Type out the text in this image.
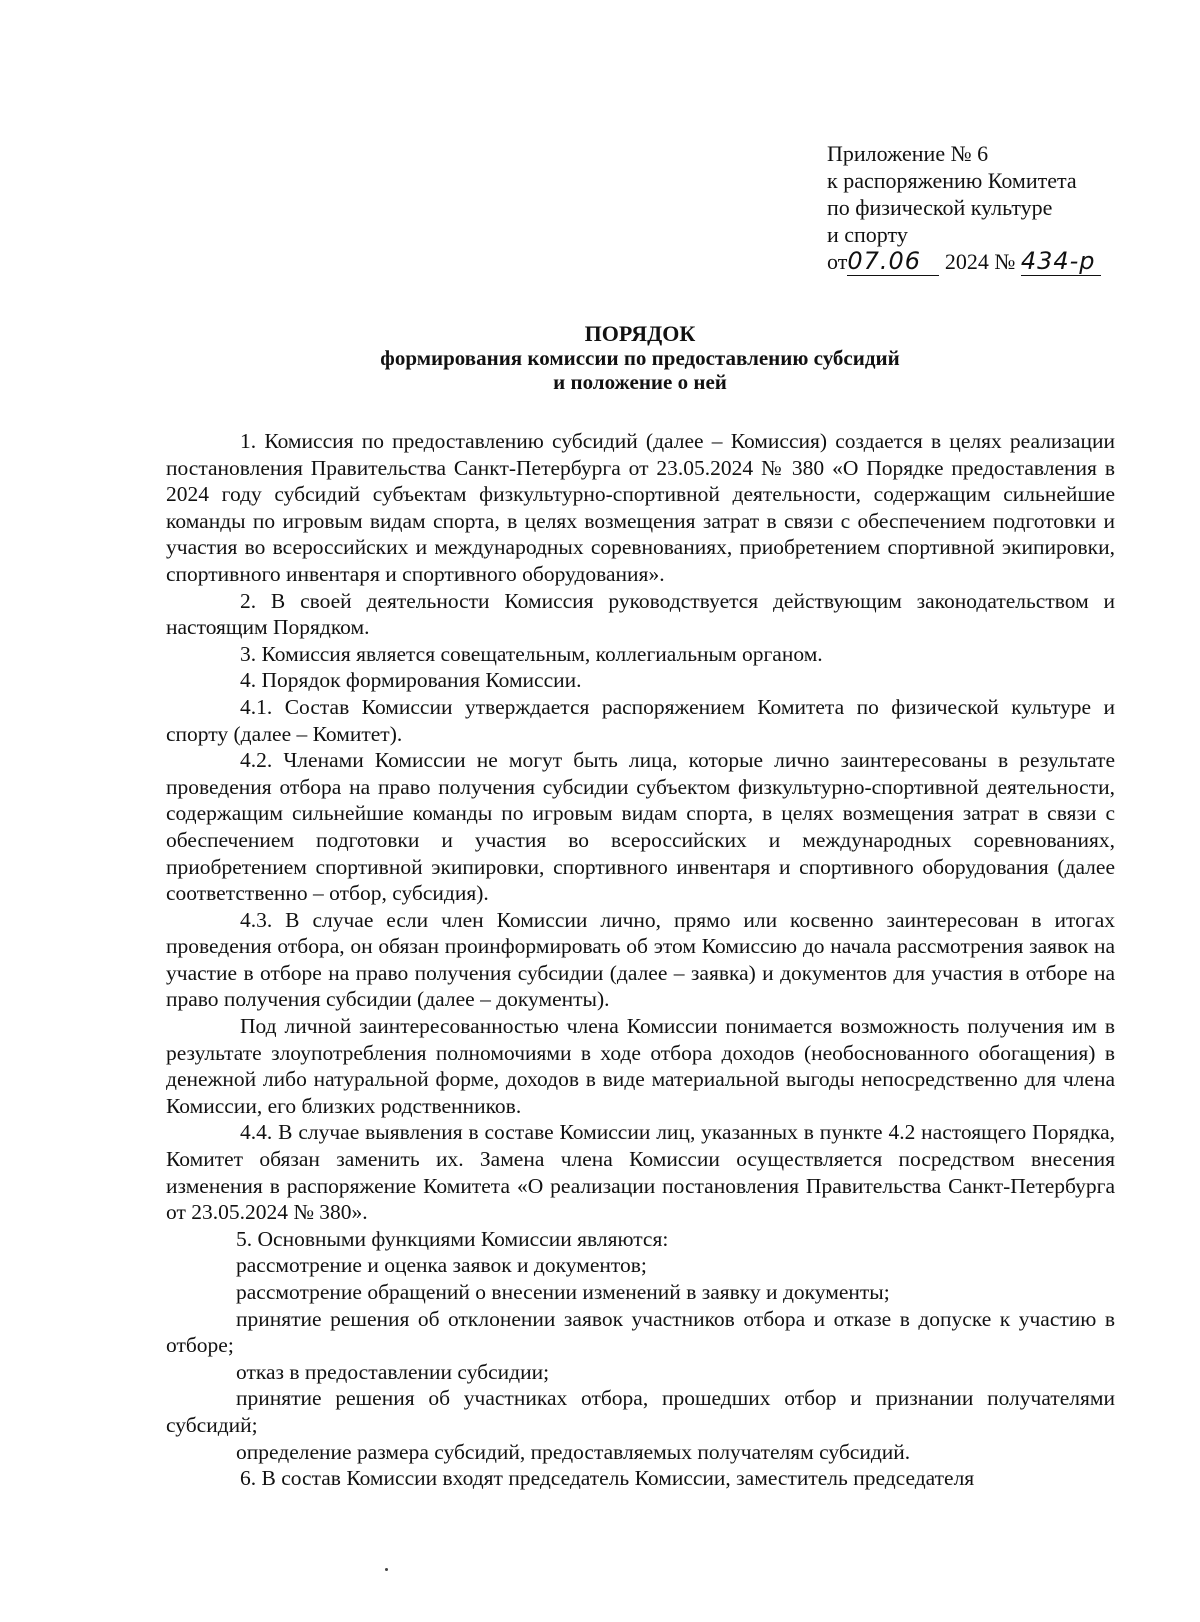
Приложение № 6
к распоряжению Комитета
по физической культуре
и спорту
от07.06 2024 № 434-р
ПОРЯДОК
формирования комиссии по предоставлению субсидий
и положение о ней

1. Комиссия по предоставлению субсидий (далее – Комиссия) создается в целях реализации постановления Правительства Санкт-Петербурга от 23.05.2024 № 380 «О Порядке предоставления в 2024 году субсидий субъектам физкультурно-спортивной деятельности, содержащим сильнейшие команды по игровым видам спорта, в целях возмещения затрат в связи с обеспечением подготовки и участия во всероссийских и международных соревнованиях, приобретением спортивной экипировки, спортивного инвентаря и спортивного оборудования».

2. В своей деятельности Комиссия руководствуется действующим законодательством и настоящим Порядком.

3. Комиссия является совещательным, коллегиальным органом.

4. Порядок формирования Комиссии.

4.1. Состав Комиссии утверждается распоряжением Комитета по физической культуре и спорту (далее – Комитет).

4.2. Членами Комиссии не могут быть лица, которые лично заинтересованы в результате проведения отбора на право получения субсидии субъектом физкультурно-спортивной деятельности, содержащим сильнейшие команды по игровым видам спорта, в целях возмещения затрат в связи с обеспечением подготовки и участия во всероссийских и международных соревнованиях, приобретением спортивной экипировки, спортивного инвентаря и спортивного оборудования (далее соответственно – отбор, субсидия).

4.3. В случае если член Комиссии лично, прямо или косвенно заинтересован в итогах проведения отбора, он обязан проинформировать об этом Комиссию до начала рассмотрения заявок на участие в отборе на право получения субсидии (далее – заявка) и документов для участия в отборе на право получения субсидии (далее – документы).

Под личной заинтересованностью члена Комиссии понимается возможность получения им в результате злоупотребления полномочиями в ходе отбора доходов (необоснованного обогащения) в денежной либо натуральной форме, доходов в виде материальной выгоды непосредственно для члена Комиссии, его близких родственников.

4.4. В случае выявления в составе Комиссии лиц, указанных в пункте 4.2 настоящего Порядка, Комитет обязан заменить их. Замена члена Комиссии осуществляется посредством внесения изменения в распоряжение Комитета «О реализации постановления Правительства Санкт-Петербурга от 23.05.2024 № 380».

5. Основными функциями Комиссии являются:

рассмотрение и оценка заявок и документов;

рассмотрение обращений о внесении изменений в заявку и документы;

принятие решения об отклонении заявок участников отбора и отказе в допуске к участию в отборе;

отказ в предоставлении субсидии;

принятие решения об участниках отбора, прошедших отбор и признании получателями субсидий;

определение размера субсидий, предоставляемых получателям субсидий.

6. В состав Комиссии входят председатель Комиссии, заместитель председателя
